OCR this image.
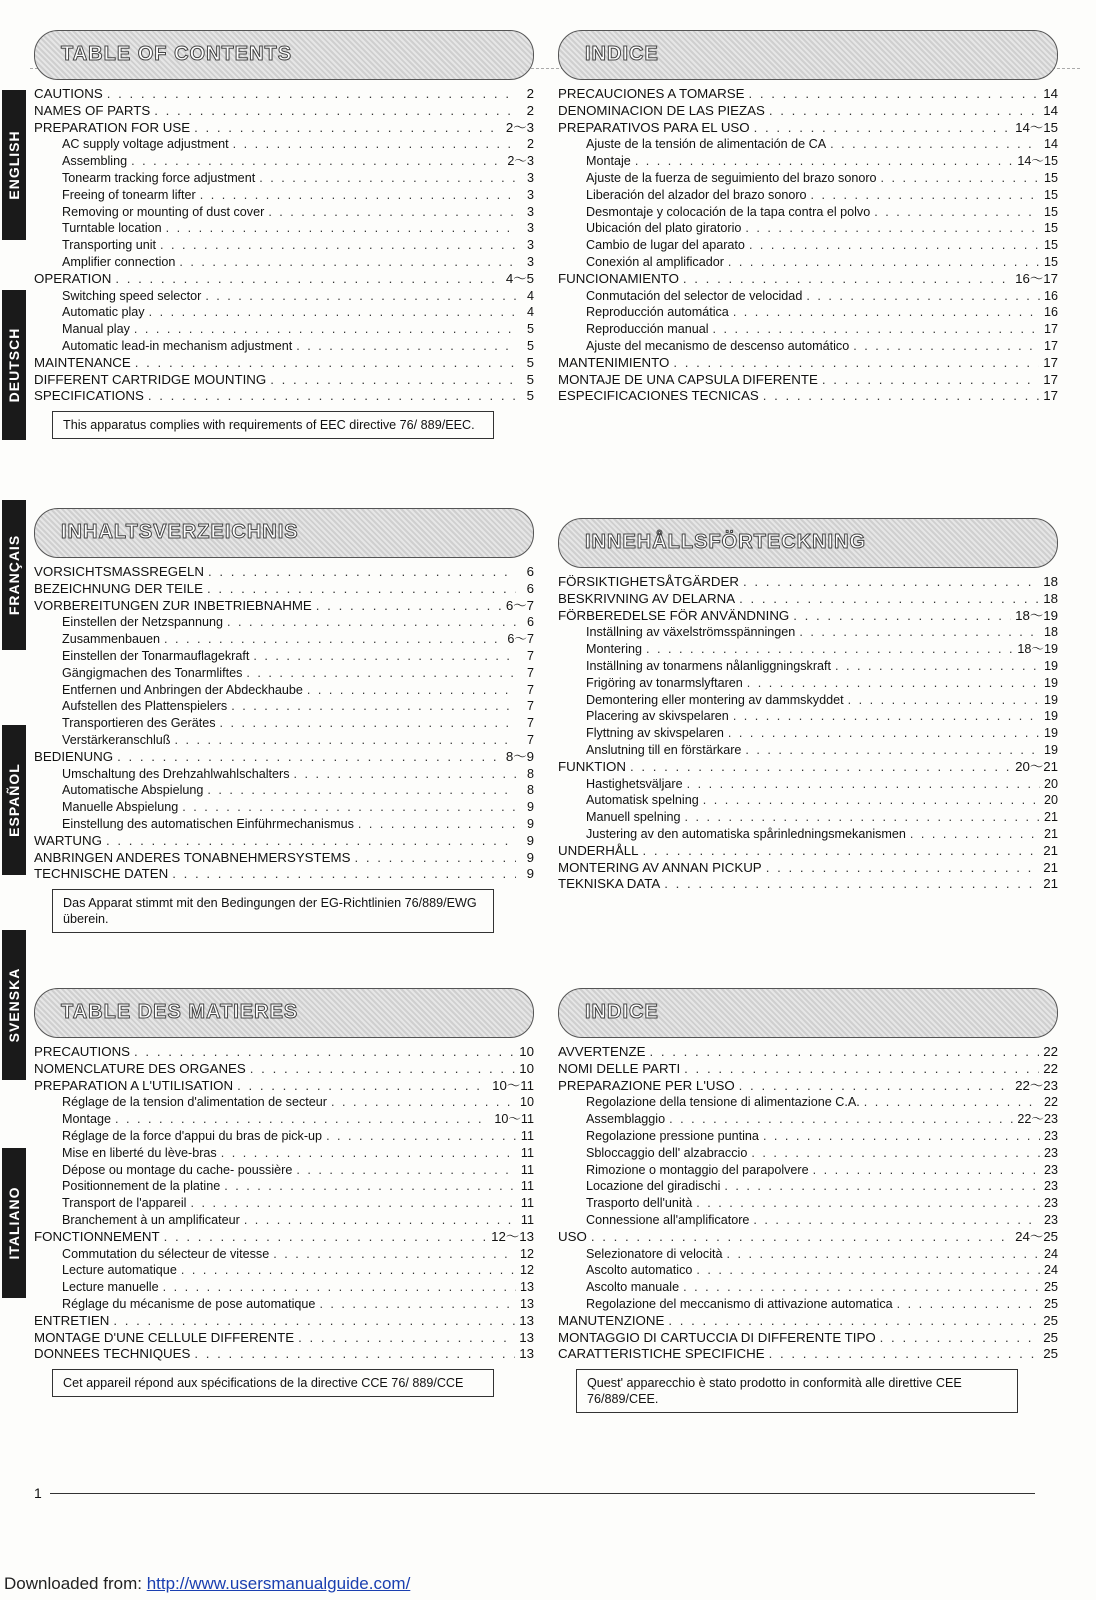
ENGLISH
DEUTSCH
FRANÇAIS
ESPAÑOL
SVENSKA
ITALIANO
TABLE OF CONTENTS
CAUTIONS . . .	2
NAMES OF PARTS . . .	2
PREPARATION FOR USE . . .	2～3
AC supply voltage adjustment . . .	2
Assembling . . .	2～3
Tonearm tracking force adjustment . . .	3
Freeing of tonearm lifter . . .	3
Removing or mounting of dust cover . . .	3
Turntable location . . .	3
Transporting unit . . .	3
Amplifier connection . . .	3
OPERATION . . .	4～5
Switching speed selector . . .	4
Automatic play . . .	4
Manual play . . .	5
Automatic lead-in mechanism adjustment . . .	5
MAINTENANCE . . .	5
DIFFERENT CARTRIDGE MOUNTING . . .	5
SPECIFICATIONS . . .	5
This apparatus complies with requirements of EEC directive 76/ 889/EEC.
INDICE
PRECAUCIONES A TOMARSE . . .	14
DENOMINACION DE LAS PIEZAS . . .	14
PREPARATIVOS PARA EL USO . . .	14～15
Ajuste de la tensión de alimentación de CA . . .	14
Montaje . . .	14～15
Ajuste de la fuerza de seguimiento del brazo sonoro . . .	15
Liberación del alzador del brazo sonoro . . .	15
Desmontaje y colocación de la tapa contra el polvo . . .	15
Ubicación del plato giratorio . . .	15
Cambio de lugar del aparato . . .	15
Conexión al amplificador . . .	15
FUNCIONAMIENTO . . .	16～17
Conmutación del selector de velocidad . . .	16
Reproducción automática . . .	16
Reproducción manual . . .	17
Ajuste del mecanismo de descenso automático . . .	17
MANTENIMIENTO . . .	17
MONTAJE DE UNA CAPSULA DIFERENTE . . .	17
ESPECIFICACIONES TECNICAS . . .	17
INHALTSVERZEICHNIS
VORSICHTSMASSREGELN . . .	6
BEZEICHNUNG DER TEILE . . .	6
VORBEREITUNGEN ZUR INBETRIEBNAHME . . .	6～7
Einstellen der Netzspannung . . .	6
Zusammenbauen . . .	6～7
Einstellen der Tonarmauflagekraft . . .	7
Gängigmachen des Tonarmliftes . . .	7
Entfernen und Anbringen der Abdeckhaube . . .	7
Aufstellen des Plattenspielers . . .	7
Transportieren des Gerätes . . .	7
Verstärkeranschluß . . .	7
BEDIENUNG . . .	8～9
Umschaltung des Drehzahlwahlschalters . . .	8
Automatische Abspielung . . .	8
Manuelle Abspielung . . .	9
Einstellung des automatischen Einführmechanismus . . .	9
WARTUNG . . .	9
ANBRINGEN ANDERES TONABNEHMERSYSTEMS . . .	9
TECHNISCHE DATEN . . .	9
Das Apparat stimmt mit den Bedingungen der EG-Richtlinien 76/889/EWG überein.
INNEHÅLLSFÖRTECKNING
FÖRSIKTIGHETSÅTGÄRDER . . .	18
BESKRIVNING AV DELARNA . . .	18
FÖRBEREDELSE FÖR ANVÄNDNING . . .	18～19
Inställning av växelströmsspänningen . . .	18
Montering . . .	18～19
Inställning av tonarmens nålanliggningskraft . . .	19
Frigöring av tonarmslyftaren . . .	19
Demontering eller montering av dammskyddet . . .	19
Placering av skivspelaren . . .	19
Flyttning av skivspelaren . . .	19
Anslutning till en förstärkare . . .	19
FUNKTION . . .	20～21
Hastighetsväljare . . .	20
Automatisk spelning . . .	20
Manuell spelning . . .	21
Justering av den automatiska spårinledningsmekanismen . . .	21
UNDERHÅLL . . .	21
MONTERING AV ANNAN PICKUP . . .	21
TEKNISKA DATA . . .	21
TABLE DES MATIERES
PRECAUTIONS . . .	10
NOMENCLATURE DES ORGANES . . .	10
PREPARATION A L'UTILISATION . . .	10～11
Réglage de la tension d'alimentation de secteur . . .	10
Montage . . .	10～11
Réglage de la force d'appui du bras de pick-up . . .	11
Mise en liberté du lève-bras . . .	11
Dépose ou montage du cache- poussière . . .	11
Positionnement de la platine . . .	11
Transport de l'appareil . . .	11
Branchement à un amplificateur . . .	11
FONCTIONNEMENT . . .	12～13
Commutation du sélecteur de vitesse . . .	12
Lecture automatique . . .	12
Lecture manuelle . . .	13
Réglage du mécanisme de pose automatique . . .	13
ENTRETIEN . . .	13
MONTAGE D'UNE CELLULE DIFFERENTE . . .	13
DONNEES TECHNIQUES . . .	13
Cet appareil répond aux spécifications de la directive CCE 76/ 889/CCE
INDICE
AVVERTENZE . . .	22
NOMI DELLE PARTI . . .	22
PREPARAZIONE PER L'USO . . .	22～23
Regolazione della tensione di alimentazione C.A. . . .	22
Assemblaggio . . .	22～23
Regolazione pressione puntina . . .	23
Sbloccaggio dell' alzabraccio . . .	23
Rimozione o montaggio del parapolvere . . .	23
Locazione del giradischi . . .	23
Trasporto dell'unità . . .	23
Connessione all'amplificatore . . .	23
USO . . .	24～25
Selezionatore di velocità . . .	24
Ascolto automatico . . .	24
Ascolto manuale . . .	25
Regolazione del meccanismo di attivazione automatica . . .	25
MANUTENZIONE . . .	25
MONTAGGIO DI CARTUCCIA DI DIFFERENTE TIPO . . .	25
CARATTERISTICHE SPECIFICHE . . .	25
Quest' apparecchio è stato prodotto in conformità alle direttive CEE 76/889/CEE.
1
Downloaded from: http://www.usersmanualguide.com/
